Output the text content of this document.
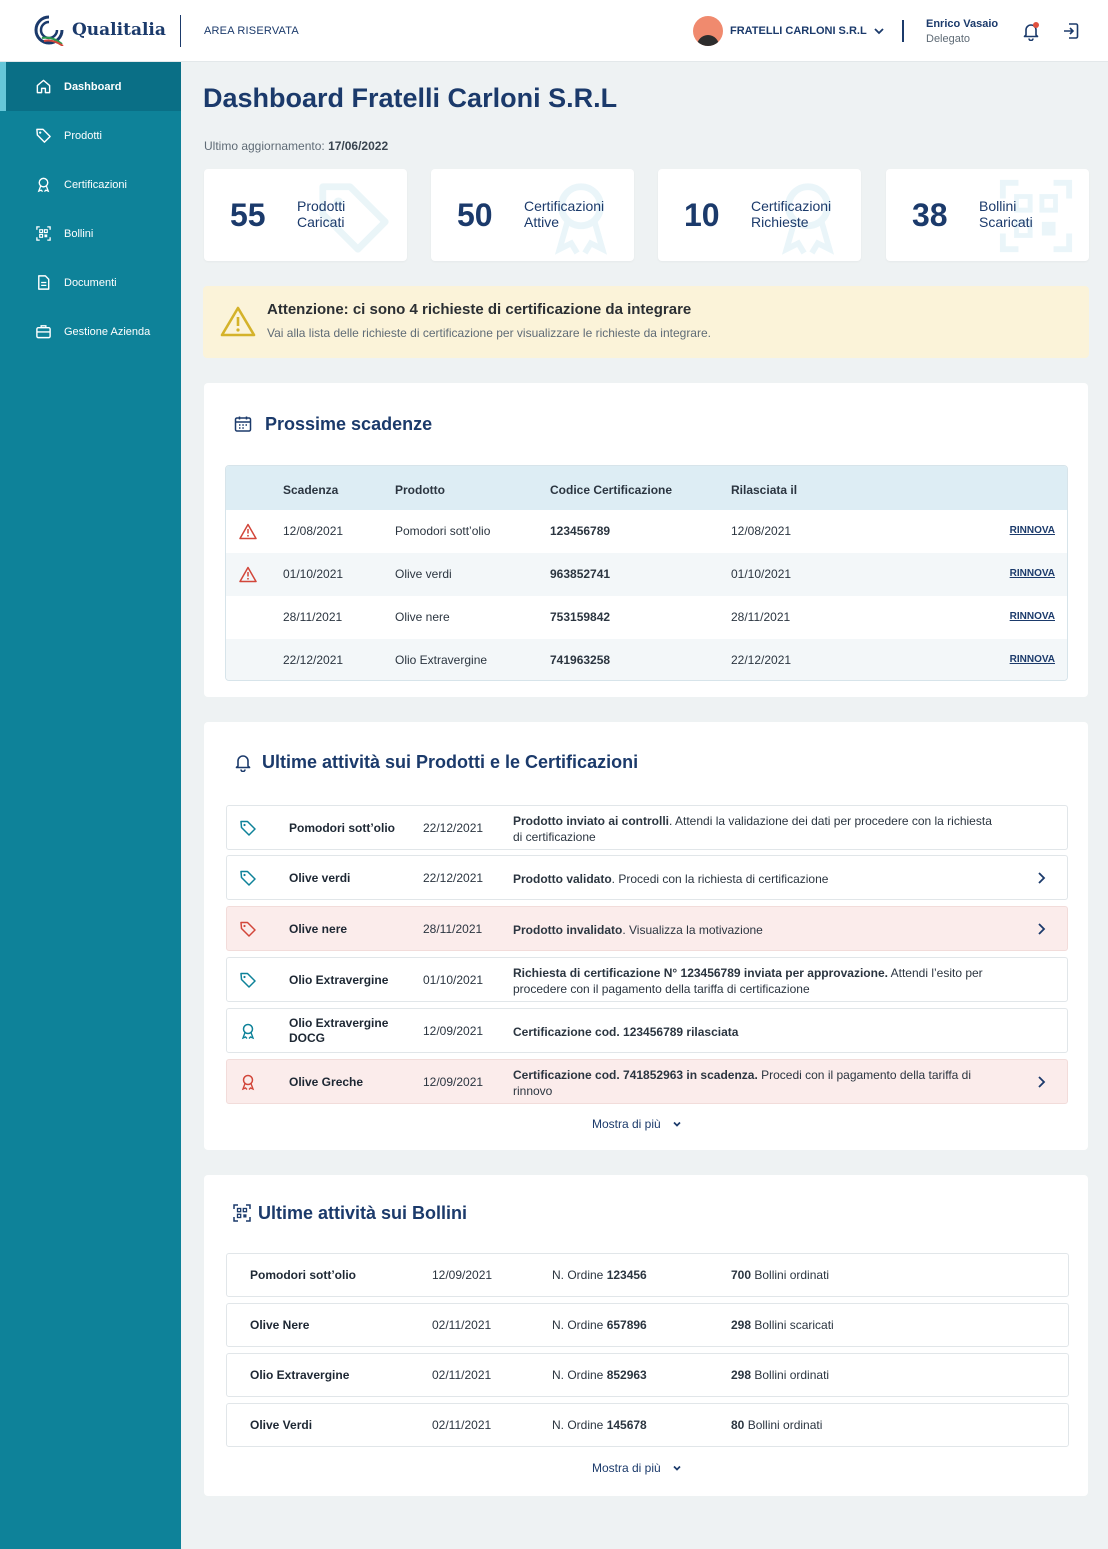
Qualitalia	AREA RISERVATA	FRATELLI CARLONI S.R.L
Enrico Vasaio
Delegato
Dashboard
Prodotti
Certificazioni
Bollini
Documenti
Gestione Azienda
Dashboard Fratelli Carloni S.R.L
Ultimo aggiornamento: 17/06/2022
55 Prodotti Caricati	50 Certificazioni Attive	10 Certificazioni Richieste	38 Bollini Scaricati
Attenzione: ci sono 4 richieste di certificazione da integrare
Vai alla lista delle richieste di certificazione per visualizzare le richieste da integrare.
Prossime scadenze
Scadenza	Prodotto	Codice Certificazione	Rilasciata il
12/08/2021	Pomodori sott’olio	123456789	12/08/2021	RINNOVA
01/10/2021	Olive verdi	963852741	01/10/2021	RINNOVA
28/11/2021	Olive nere	753159842	28/11/2021	RINNOVA
22/12/2021	Olio Extravergine	741963258	22/12/2021	RINNOVA
Ultime attività sui Prodotti e le Certificazioni
Pomodori sott’olio	22/12/2021 Prodotto inviato ai controlli. Attendi la validazione dei dati per procedere con la richiesta di certificazione
Olive verdi	22/12/2021 Prodotto validato. Procedi con la richiesta di certificazione
Olive nere	28/11/2021	Prodotto invalidato. Visualizza la motivazione
Olio Extravergine	01/10/2021 Richiesta di certificazione N° 123456789 inviata per approvazione. Attendi l’esito per procedere con il pagamento della tariffa di certificazione
Olio Extravergine DOCG	12/09/2021 Certificazione cod. 123456789 rilasciata
Olive Greche	12/09/2021 Certificazione cod. 741852963 in scadenza. Procedi con il pagamento della tariffa di rinnovo
Mostra di più
Ultime attività sui Bollini
Pomodori sott’olio	12/09/2021	N. Ordine 123456	700 Bollini ordinati
Olive Nere	02/11/2021	N. Ordine 657896	298 Bollini scaricati
Olio Extravergine	02/11/2021	N. Ordine 852963	298 Bollini ordinati
Olive Verdi	02/11/2021	N. Ordine 145678	80 Bollini ordinati
Mostra di più
